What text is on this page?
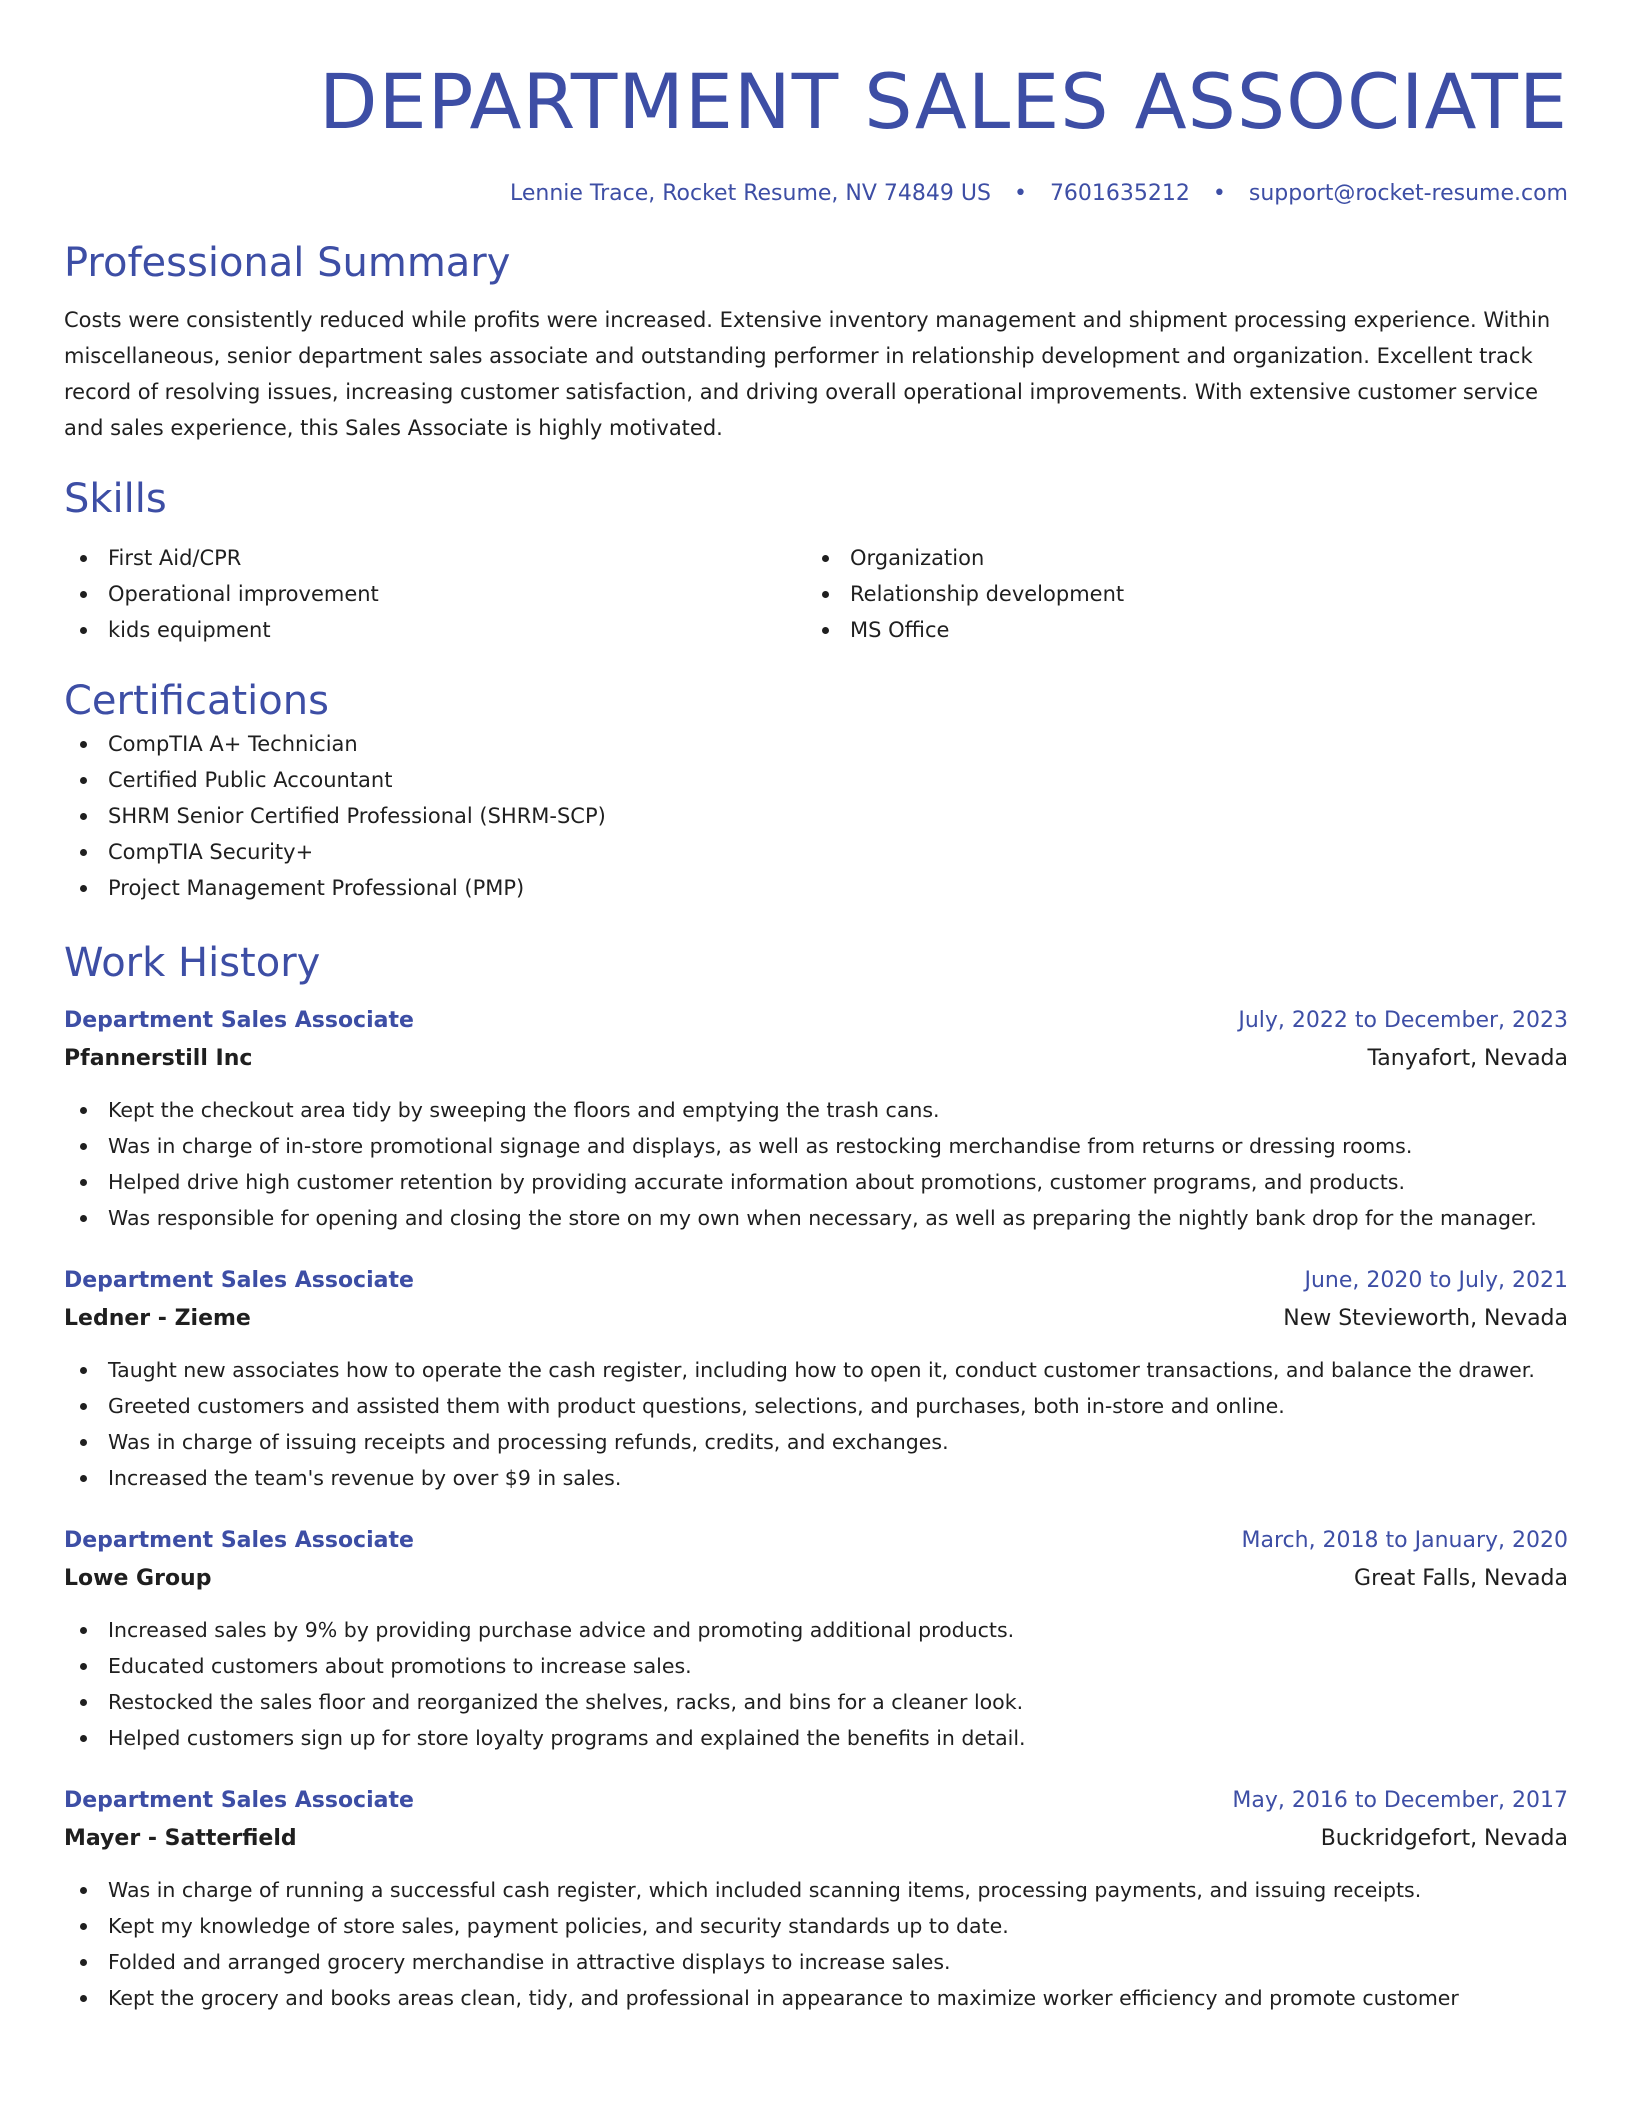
DEPARTMENT SALES ASSOCIATE
Lennie Trace, Rocket Resume, NV 74849 US • 7601635212 • support@rocket-resume.com
Professional Summary
Costs were consistently reduced while profits were increased. Extensive inventory management and shipment processing experience. Within miscellaneous, senior department sales associate and outstanding performer in relationship development and organization. Excellent track record of resolving issues, increasing customer satisfaction, and driving overall operational improvements. With extensive customer service and sales experience, this Sales Associate is highly motivated.
Skills
First Aid/CPR
Operational improvement
kids equipment
Organization
Relationship development
MS Office
Certifications
CompTIA A+ Technician
Certified Public Accountant
SHRM Senior Certified Professional (SHRM-SCP)
CompTIA Security+
Project Management Professional (PMP)
Work History
Department Sales Associate	July, 2022 to December, 2023
Pfannerstill Inc	Tanyafort, Nevada
Kept the checkout area tidy by sweeping the floors and emptying the trash cans.
Was in charge of in-store promotional signage and displays, as well as restocking merchandise from returns or dressing rooms.
Helped drive high customer retention by providing accurate information about promotions, customer programs, and products.
Was responsible for opening and closing the store on my own when necessary, as well as preparing the nightly bank drop for the manager.
Department Sales Associate	June, 2020 to July, 2021
Ledner - Zieme	New Stevieworth, Nevada
Taught new associates how to operate the cash register, including how to open it, conduct customer transactions, and balance the drawer.
Greeted customers and assisted them with product questions, selections, and purchases, both in-store and online.
Was in charge of issuing receipts and processing refunds, credits, and exchanges.
Increased the team's revenue by over $9 in sales.
Department Sales Associate	March, 2018 to January, 2020
Lowe Group	Great Falls, Nevada
Increased sales by 9% by providing purchase advice and promoting additional products.
Educated customers about promotions to increase sales.
Restocked the sales floor and reorganized the shelves, racks, and bins for a cleaner look.
Helped customers sign up for store loyalty programs and explained the benefits in detail.
Department Sales Associate	May, 2016 to December, 2017
Mayer - Satterfield	Buckridgefort, Nevada
Was in charge of running a successful cash register, which included scanning items, processing payments, and issuing receipts.
Kept my knowledge of store sales, payment policies, and security standards up to date.
Folded and arranged grocery merchandise in attractive displays to increase sales.
Kept the grocery and books areas clean, tidy, and professional in appearance to maximize worker efficiency and promote customer
